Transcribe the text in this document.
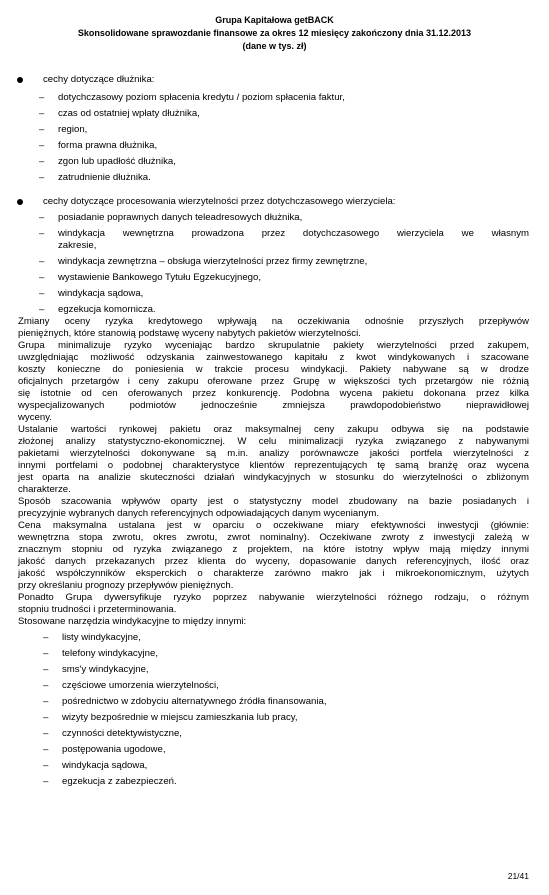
Grupa Kapitałowa getBACK
Skonsolidowane sprawozdanie finansowe za okres 12 miesięcy zakończony dnia 31.12.2013
(dane w tys. zł)
cechy dotyczące dłużnika:
– dotychczasowy poziom spłacenia kredytu / poziom spłacenia faktur,
– czas od ostatniej wpłaty dłużnika,
– region,
– forma prawna dłużnika,
– zgon lub upadłość dłużnika,
– zatrudnienie dłużnika.
cechy dotyczące procesowania wierzytelności przez dotychczasowego wierzyciela:
– posiadanie poprawnych danych teleadresowych dłużnika,
– windykacja wewnętrzna prowadzona przez dotychczasowego wierzyciela we własnym
zakresie,
– windykacja zewnętrzna – obsługa wierzytelności przez firmy zewnętrzne,
– wystawienie Bankowego Tytułu Egzekucyjnego,
– windykacja sądowa,
– egzekucja komornicza.
Zmiany oceny ryzyka kredytowego wpływają na oczekiwania odnośnie przyszłych przepływów
pieniężnych, które stanowią podstawę wyceny nabytych pakietów wierzytelności.
Grupa minimalizuje ryzyko wyceniając bardzo skrupulatnie pakiety wierzytelności przed zakupem,
uwzględniając możliwość odzyskania zainwestowanego kapitału z kwot windykowanych i szacowane
koszty konieczne do poniesienia w trakcie procesu windykacji. Pakiety nabywane są w drodze
oficjalnych przetargów i ceny zakupu oferowane przez Grupę w większości tych przetargów nie różnią
się istotnie od cen oferowanych przez konkurencję. Podobna wycena pakietu dokonana przez kilka
wyspecjalizowanych podmiotów jednocześnie zmniejsza prawdopodobieństwo nieprawidłowej
wyceny.
Ustalanie wartości rynkowej pakietu oraz maksymalnej ceny zakupu odbywa się na podstawie
złożonej analizy statystyczno-ekonomicznej. W celu minimalizacji ryzyka związanego z nabywanymi
pakietami wierzytelności dokonywane są m.in. analizy porównawcze jakości portfela wierzytelności z
innymi portfelami o podobnej charakterystyce klientów reprezentujących tę samą branżę oraz wycena
jest oparta na analizie skuteczności działań windykacyjnych w stosunku do wierzytelności o zbliżonym
charakterze.
Sposób szacowania wpływów oparty jest o statystyczny model zbudowany na bazie posiadanych i
precyzyjnie wybranych danych referencyjnych odpowiadających danym wycenianym.
Cena maksymalna ustalana jest w oparciu o oczekiwane miary efektywności inwestycji (głównie:
wewnętrzna stopa zwrotu, okres zwrotu, zwrot nominalny). Oczekiwane zwroty z inwestycji zależą w
znacznym stopniu od ryzyka związanego z projektem, na które istotny wpływ mają między innymi
jakość danych przekazanych przez klienta do wyceny, dopasowanie danych referencyjnych, ilość oraz
jakość współczynników eksperckich o charakterze zarówno makro jak i mikroekonomicznym, użytych
przy określaniu prognozy przepływów pieniężnych.
Ponadto Grupa dywersyfikuje ryzyko poprzez nabywanie wierzytelności różnego rodzaju, o różnym
stopniu trudności i przeterminowania.
Stosowane narzędzia windykacyjne to między innymi:
– listy windykacyjne,
– telefony windykacyjne,
– sms'y windykacyjne,
– częściowe umorzenia wierzytelności,
– pośrednictwo w zdobyciu alternatywnego źródła finansowania,
– wizyty bezpośrednie w miejscu zamieszkania lub pracy,
– czynności detektywistyczne,
– postępowania ugodowe,
– windykacja sądowa,
– egzekucja z zabezpieczeń.
21/41
